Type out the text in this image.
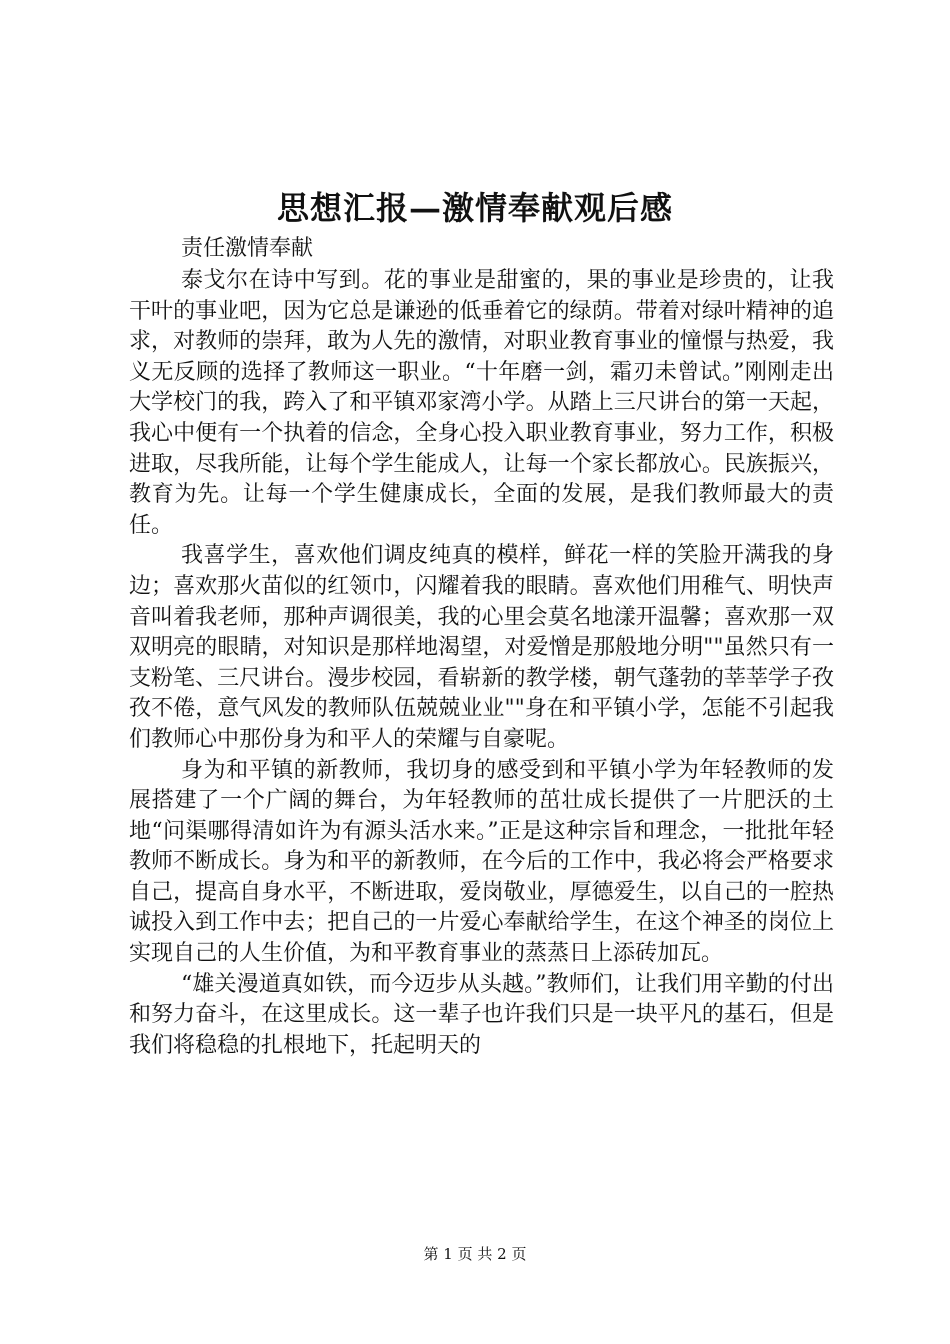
思想汇报—激情奉献观后感
责任激情奉献

泰戈尔在诗中写到。花的事业是甜蜜的，果的事业是珍贵的，让我干叶的事业吧，因为它总是谦逊的低垂着它的绿荫。带着对绿叶精神的追求，对教师的崇拜，敢为人先的激情，对职业教育事业的憧憬与热爱，我义无反顾的选择了教师这一职业。“十年磨一剑，霜刃未曾试。”刚刚走出大学校门的我，跨入了和平镇邓家湾小学。从踏上三尺讲台的第一天起，我心中便有一个执着的信念，全身心投入职业教育事业，努力工作，积极进取，尽我所能，让每个学生能成人，让每一个家长都放心。民族振兴，教育为先。让每一个学生健康成长，全面的发展，是我们教师最大的责任。

我喜学生，喜欢他们调皮纯真的模样，鲜花一样的笑脸开满我的身边；喜欢那火苗似的红领巾，闪耀着我的眼睛。喜欢他们用稚气、明快声音叫着我老师，那种声调很美，我的心里会莫名地漾开温馨；喜欢那一双双明亮的眼睛，对知识是那样地渴望，对爱憎是那般地分明""虽然只有一支粉笔、三尺讲台。漫步校园，看崭新的教学楼，朝气蓬勃的莘莘学子孜孜不倦，意气风发的教师队伍兢兢业业""身在和平镇小学，怎能不引起我们教师心中那份身为和平人的荣耀与自豪呢。

身为和平镇的新教师，我切身的感受到和平镇小学为年轻教师的发展搭建了一个广阔的舞台，为年轻教师的茁壮成长提供了一片肥沃的土地“问渠哪得清如许为有源头活水来。”正是这种宗旨和理念，一批批年轻教师不断成长。身为和平的新教师，在今后的工作中，我必将会严格要求自己，提高自身水平，不断进取，爱岗敬业，厚德爱生，以自己的一腔热诚投入到工作中去；把自己的一片爱心奉献给学生，在这个神圣的岗位上实现自己的人生价值，为和平教育事业的蒸蒸日上添砖加瓦。

“雄关漫道真如铁，而今迈步从头越。”教师们，让我们用辛勤的付出和努力奋斗，在这里成长。这一辈子也许我们只是一块平凡的基石，但是我们将稳稳的扎根地下，托起明天的

第 1 页 共 2 页
